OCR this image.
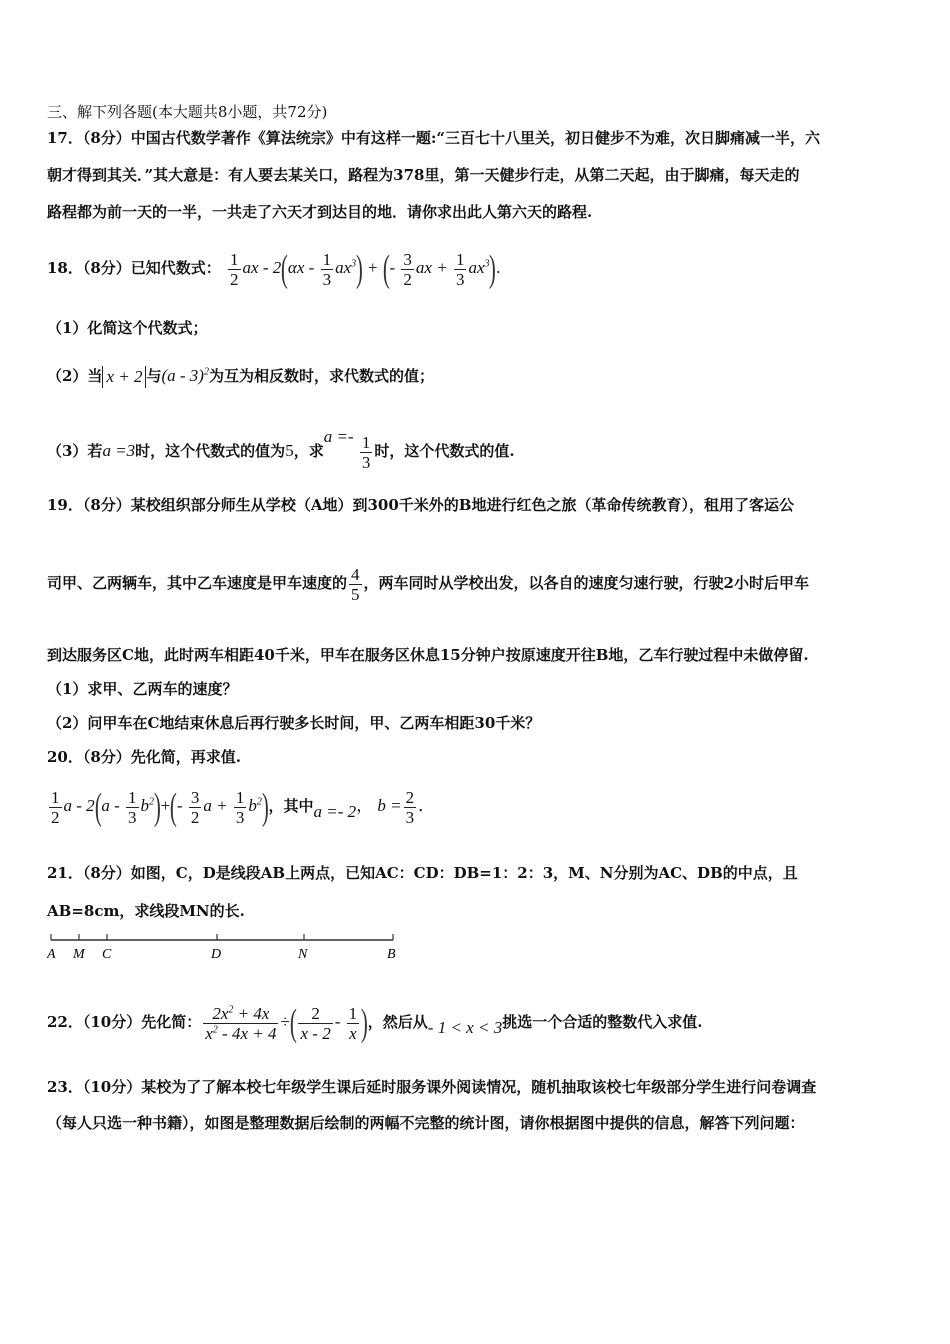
三、解下列各题(本大题共8小题，共72分)
17．（8分）中国古代数学著作《算法统宗》中有这样一题:“三百七十八里关，初日健步不为难，次日脚痛减一半，六
朝才得到其关．”其大意是：有人要去某关口，路程为378里，第一天健步行走，从第二天起，由于脚痛，每天走的
路程都为前一天的一半，一共走了六天才到达目的地．请你求出此人第六天的路程.
18．（8分）已知代数式： $\frac{1}{2}$ ax - $2(\alpha x - \frac{1}{3} ax^3)$ + (- $\frac{3}{2}$ ax + $\frac{1}{3} ax^3$).
（1）化简这个代数式；
（2）当 x + 2 与(a - 3)$^2$为互为相反数时，求代数式的值；
（3）若a =3时，这个代数式的值为5，求$a =- \frac{1}{3}$ 时，这个代数式的值.
19．（8分）某校组织部分师生从学校（A地）到300千米外的B地进行红色之旅（革命传统教育），租用了客运公
司甲、乙两辆车，其中乙车速度是甲车速度的 $\frac{4}{5}$ ，两车同时从学校出发，以各自的速度匀速行驶，行驶2小时后甲车
到达服务区C地，此时两车相距40千米，甲车在服务区休息15分钟户按原速度开往B地，乙车行驶过程中未做停留.
（1）求甲、乙两车的速度？
（2）问甲车在C地结束休息后再行驶多长时间，甲、乙两车相距30千米？
20．（8分）先化简，再求值.
$\frac{1}{2}$ $a - 2(a - \frac{1}{3} b^2)+(- \frac{3}{2}$ $a + \frac{1}{3} b^2$)，其中a =- 2， $b = \frac{2}{3}$ ．
21．（8分）如图，C，D是线段AB上两点，已知AC：CD：DB=1：2：3，M、N分别为AC、DB的中点，且
AB=8cm，求线段MN的长.
A M C	D	N	B
22．（10分）先化简： $\frac{2x^2 + 4x}{x^2 - 4x + 4}$ ÷( $\frac{2}{x - 2} - \frac{1}{x}$ )，然后从- 1 < x < 3挑选一个合适的整数代入求值.
23．（10分）某校为了了解本校七年级学生课后延时服务课外阅读情况，随机抽取该校七年级部分学生进行问卷调查
（每人只选一种书籍），如图是整理数据后绘制的两幅不完整的统计图，请你根据图中提供的信息，解答下列问题：
